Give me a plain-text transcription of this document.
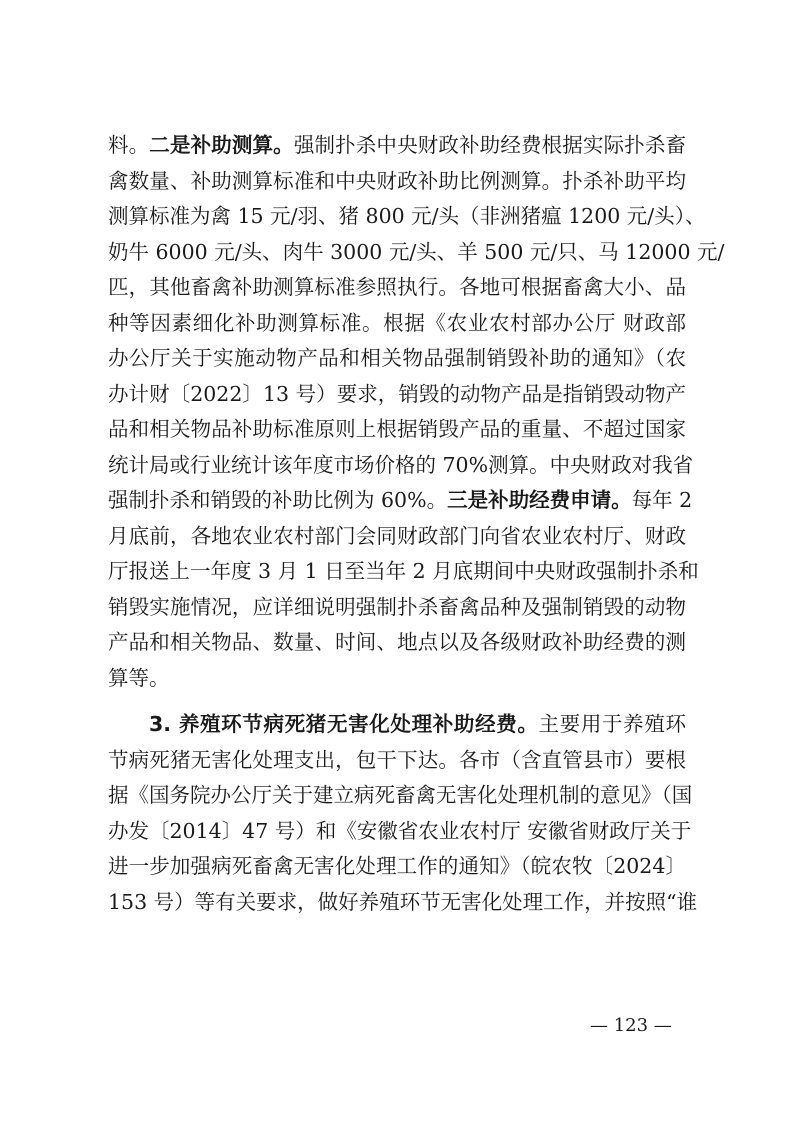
料。二是补助测算。强制扑杀中央财政补助经费根据实际扑杀畜
禽数量、补助测算标准和中央财政补助比例测算。扑杀补助平均
测算标准为禽 15 元/羽、猪 800 元/头（非洲猪瘟 1200 元/头）、
奶牛 6000 元/头、肉牛 3000 元/头、羊 500 元/只、马 12000 元/
匹，其他畜禽补助测算标准参照执行。各地可根据畜禽大小、品
种等因素细化补助测算标准。根据《农业农村部办公厅 财政部
办公厅关于实施动物产品和相关物品强制销毁补助的通知》（农
办计财〔2022〕13 号）要求，销毁的动物产品是指销毁动物产
品和相关物品补助标准原则上根据销毁产品的重量、不超过国家
统计局或行业统计该年度市场价格的 70%测算。中央财政对我省
强制扑杀和销毁的补助比例为 60%。三是补助经费申请。每年 2
月底前，各地农业农村部门会同财政部门向省农业农村厅、财政
厅报送上一年度 3 月 1 日至当年 2 月底期间中央财政强制扑杀和
销毁实施情况，应详细说明强制扑杀畜禽品种及强制销毁的动物
产品和相关物品、数量、时间、地点以及各级财政补助经费的测
算等。
3. 养殖环节病死猪无害化处理补助经费。主要用于养殖环
节病死猪无害化处理支出，包干下达。各市（含直管县市）要根
据《国务院办公厅关于建立病死畜禽无害化处理机制的意见》（国
办发〔2014〕47 号）和《安徽省农业农村厅 安徽省财政厅关于
进一步加强病死畜禽无害化处理工作的通知》（皖农牧〔2024〕
153 号）等有关要求，做好养殖环节无害化处理工作，并按照“谁
— 123 —
